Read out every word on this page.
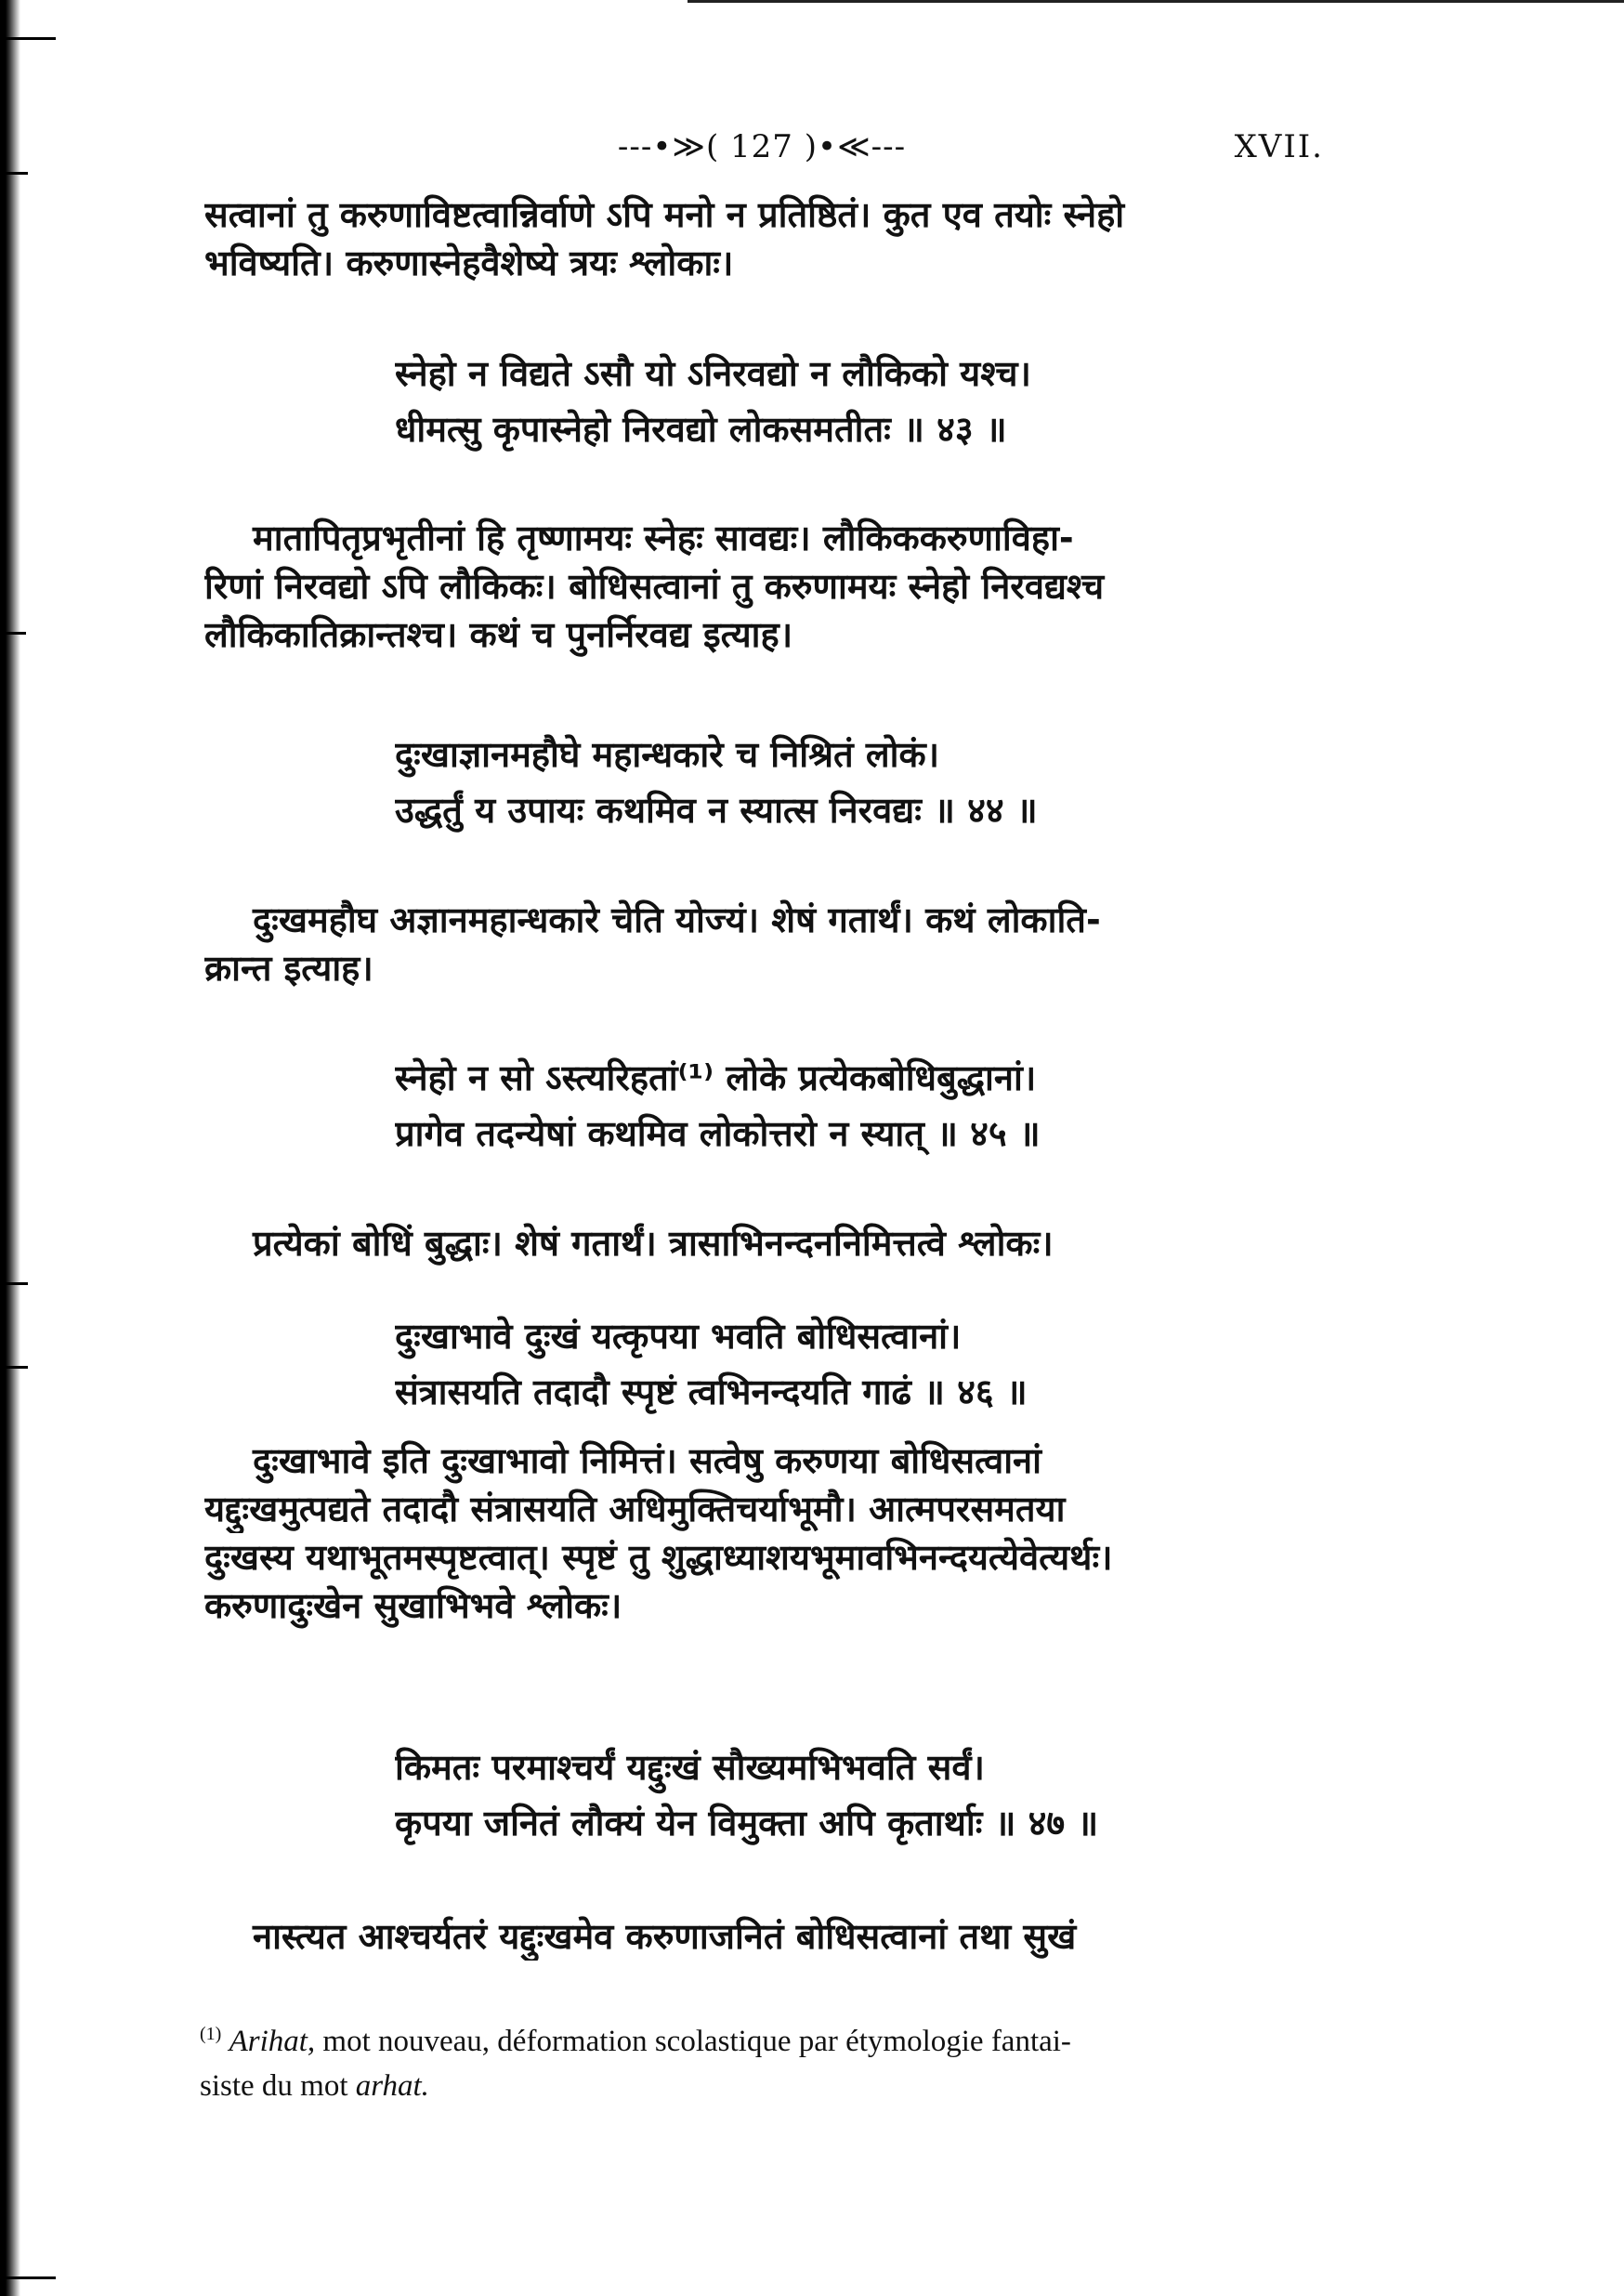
---•≫( 127 )•≪---	XVII.
सत्वानां तु करुणाविष्टत्वान्निर्वाणे ऽपि मनो न प्रतिष्ठितं। कुत एव तयोः स्नेहो
भविष्यति। करुणास्नेहवैशेष्ये त्रयः श्लोकाः।
स्नेहो न विद्यते ऽसौ यो ऽनिरवद्यो न लौकिको यश्च।
धीमत्सु कृपास्नेहो निरवद्यो लोकसमतीतः ॥ ४३ ॥
मातापितृप्रभृतीनां हि तृष्णामयः स्नेहः सावद्यः। लौकिककरुणाविहा-
रिणां निरवद्यो ऽपि लौकिकः। बोधिसत्वानां तु करुणामयः स्नेहो निरवद्यश्च
लौकिकातिक्रान्तश्च। कथं च पुनर्निरवद्य इत्याह।
दुःखाज्ञानमहौघे महान्धकारे च निश्रितं लोकं।
उद्धर्तुं य उपायः कथमिव न स्यात्स निरवद्यः ॥ ४४ ॥
दुःखमहौघ अज्ञानमहान्धकारे चेति योज्यं। शेषं गतार्थं। कथं लोकाति-
क्रान्त इत्याह।
स्नेहो न सो ऽस्त्यरिहतां⁽¹⁾ लोके प्रत्येकबोधिबुद्धानां।
प्रागेव तदन्येषां कथमिव लोकोत्तरो न स्यात् ॥ ४५ ॥
प्रत्येकां बोधिं बुद्धाः। शेषं गतार्थं। त्रासाभिनन्दननिमित्तत्वे श्लोकः।
दुःखाभावे दुःखं यत्कृपया भवति बोधिसत्वानां।
संत्रासयति तदादौ स्पृष्टं त्वभिनन्दयति गाढं ॥ ४६ ॥
दुःखाभावे इति दुःखाभावो निमित्तं। सत्वेषु करुणया बोधिसत्वानां
यद्दुःखमुत्पद्यते तदादौ संत्रासयति अधिमुक्तिचर्याभूमौ। आत्मपरसमतया
दुःखस्य यथाभूतमस्पृष्टत्वात्। स्पृष्टं तु शुद्धाध्याशयभूमावभिनन्दयत्येवेत्यर्थः।
करुणादुःखेन सुखाभिभवे श्लोकः।
किमतः परमाश्चर्यं यद्दुःखं सौख्यमभिभवति सर्वं।
कृपया जनितं लौक्यं येन विमुक्ता अपि कृतार्थाः ॥ ४७ ॥
नास्त्यत आश्चर्यतरं यद्दुःखमेव करुणाजनितं बोधिसत्वानां तथा सुखं
$^{(1)}$ Arihat, mot nouveau, déformation scolastique par étymologie fantai-
siste du mot arhat.
